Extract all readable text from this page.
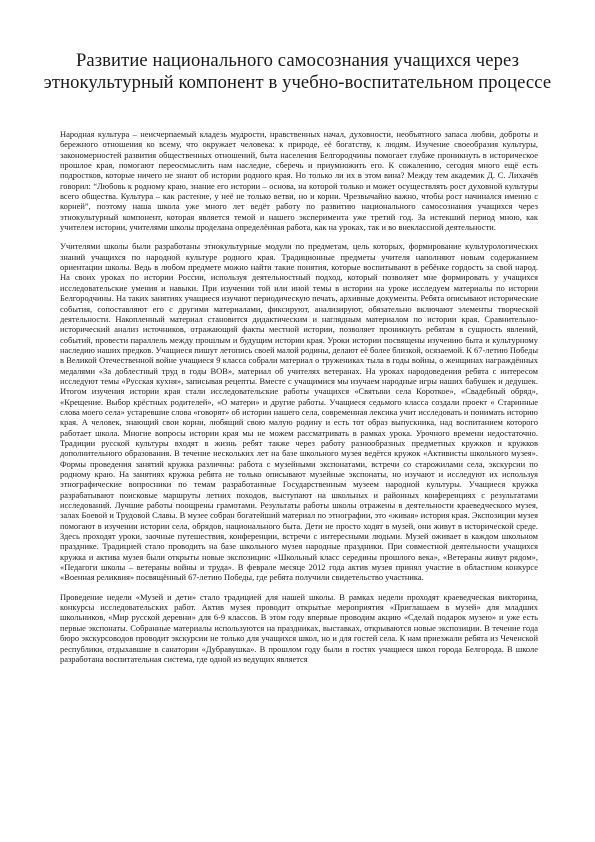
Развитие национального самосознания учащихся через этнокультурный компонент в учебно-воспитательном процессе

Народная культура – неисчерпаемый кладезь мудрости, нравственных начал, духовности, необъятного запаса любви, доброты и бережного отношения ко всему, что окружает человека: к природе, её богатству, к людям. Изучение своеобразия культуры, закономерностей развития общественных отношений, быта населения Белгородчины помогает глубже проникнуть в историческое прошлое края, помогают переосмыслить нам наследие, сберечь и приумножить его. К сожалению, сегодня много ещё есть подростков, которые ничего не знают об истории родного края. Но только ли их в этом вина? Между тем академик Д. С. Лихачёв говорил: “Любовь к родному краю, знание его истории – основа, на которой только и может осуществлять рост духовной культуры всего общества. Культура – как растение, у неё не только ветви, но и корни. Чрезвычайно важно, чтобы рост начинался именно с корней”, поэтому наша школа уже много лет ведёт работу по развитию национального самосознания учащихся через этнокультурный компонент, которая является темой и нашего эксперимента уже третий год. За истекший период мною, как учителем истории, учителями школы проделана определённая работа, как на уроках, так и во внеклассной деятельности.

Учителями школы были разработаны этнокультурные модули по предметам, цель которых, формирование культурологических знаний учащихся по народной культуре родного края. Традиционные предметы учителя наполняют новым содержанием ориентации школы. Ведь в любом предмете можно найти такие понятия, которые воспитывают в ребёнке гордость за свой народ. На своих уроках по истории России, используя деятельностный подход, который позволяет мне формировать у учащихся исследовательские умения и навыки. При изучении той или иной темы в истории на уроке исследуем материалы по истории Белгородчины. На таких занятиях учащиеся изучают периодическую печать, архивные документы. Ребята описывают исторические события, сопоставляют его с другими материалами, фиксируют, анализируют, обязательно включают элементы творческой деятельности. Накопленный материал становится дидактическим и наглядным материалом по истории края. Сравнительно-исторический анализ источников, отражающий факты местной истории, позволяет проникнуть ребятам в сущность явлений, событий, провести параллель между прошлым и будущим истории края. Уроки истории посвящены изучению быта и культурному наследию наших предков. Учащиеся пишут летопись своей малой родины, делают её более близкой, осязаемой. К 67-летию Победы в Великой Отечественной войне учащиеся 9 класса собрали материал о тружениках тыла в годы войны, о женщинах награждённых медалями «За доблестный труд в годы ВОВ», материал об учителях ветеранах. На уроках народоведения ребята с интересом исследуют темы «Русская кухня», записывая рецепты. Вместе с учащимися мы изучаем народные игры наших бабушек и дедушек. Итогом изучения истории края стали исследовательские работы учащихся «Святыни села Короткое», «Свадебный обряд», «Крещение. Выбор крёстных родителей», «О матери» и другие работы. Учащиеся седьмого класса создали проект « Старинные слова моего села» устаревшие слова «говорят» об истории нашего села, современная лексика учит исследовать и понимать историю края. А человек, знающий свои корни, любящий свою малую родину и есть тот образ выпускника, над воспитанием которого работает школа. Многие вопросы истории края мы не можем рассматривать в рамках урока. Урочного времени недостаточно. Традиции русской культуры входят в жизнь ребят также через работу разнообразных предметных кружков и кружков дополнительного образования. В течение нескольких лет на базе школьного музея ведётся кружок «Активисты школьного музея». Формы проведения занятий кружка различны: работа с музейными экспонатами, встречи со старожилами села, экскурсии по родному краю. На занятиях кружка ребята не только описывают музейные экспонаты, но изучают и исследуют их используя этнографические вопросники по темам разработанные Государственным музеем народной культуры. Учащиеся кружка разрабатывают поисковые маршруты летних походов, выступают на школьных и районных конференциях с результатами исследований. Лучшие работы поощрены грамотами. Результаты работы школы отражены в деятельности краеведческого музея, залах Боевой и Трудовой Славы. В музее собран богатейший материал по этнографии, это «живая» история края. Экспозиции музея помогают в изучении истории села, обрядов, национального быта. Дети не просто ходят в музей, они живут в исторической среде. Здесь проходят уроки, заочные путешествия, конференции, встречи с интересными людьми. Музей оживает в каждом школьном празднике. Традицией стало проводить на базе школьного музея народные праздники. При совместной деятельности учащихся кружка и актива музея были открыты новые экспозиции: «Школьный класс середины прошлого века», «Ветераны живут рядом», «Педагоги школы – ветераны войны и труда». В феврале месяце 2012 года актив музея принял участие в областном конкурсе «Военная реликвия» посвящённый 67-летию Победы, где ребята получили свидетельство участника.

Проведение недели «Музей и дети» стало традицией для нашей школы. В рамках недели проходят краеведческая викторина, конкурсы исследовательских работ. Актив музея проводит открытые мероприятия «Приглашаем в музей» для младших школьников, «Мир русской деревни» для 6-9 классов. В этом году впервые проводим акцию «Сделай подарок музею» и уже есть первые экспонаты. Собранные материалы используются на праздниках, выставках, открываются новые экспозиции. В течение года бюро экскурсоводов проводит экскурсии не только для учащихся школ, но и для гостей села. К нам приезжали ребята из Чеченской республики, отдыхавшие в санатории «Дубравушка». В прошлом году были в гостях учащиеся школ города Белгорода. В школе разработана воспитательная система, где одной из ведущих является
